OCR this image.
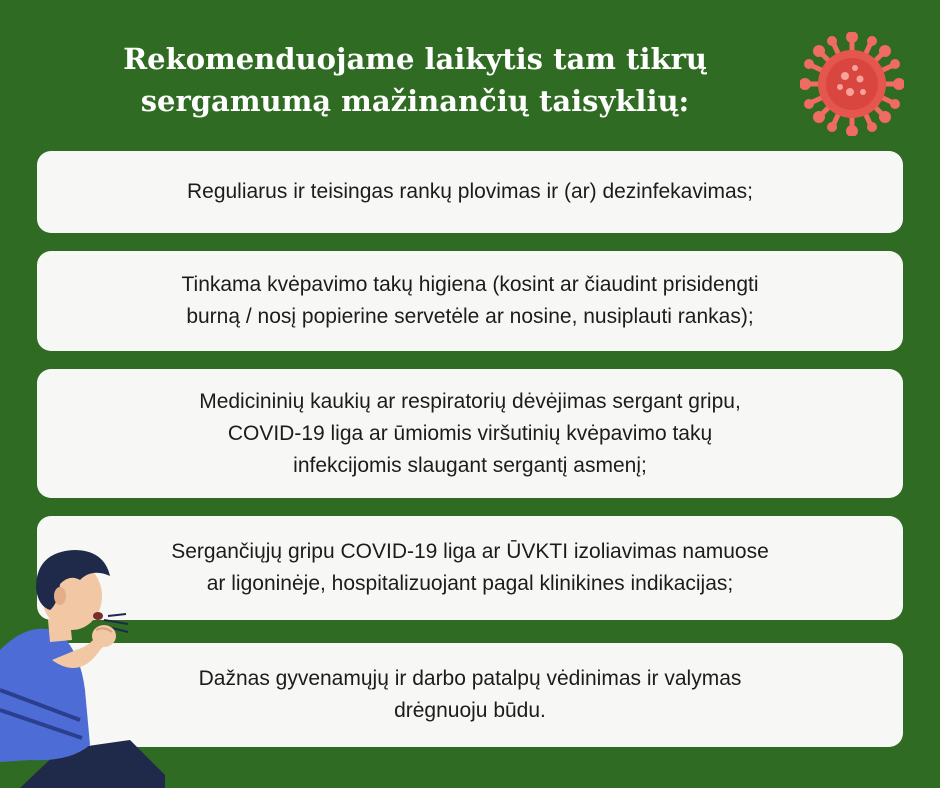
Rekomenduojame laikytis tam tikrų
sergamumą mažinančių taisyklių:
Reguliarus ir teisingas rankų plovimas ir (ar) dezinfekavimas;
Tinkama kvėpavimo takų higiena (kosint ar čiaudint prisidengti
burną / nosį popierine servetėle ar nosine, nusiplauti rankas);
Medicininių kaukių ar respiratorių dėvėjimas sergant gripu,
COVID-19 liga ar ūmiomis viršutinių kvėpavimo takų
infekcijomis slaugant sergantį asmenį;
Sergančiųjų gripu COVID-19 liga ar ŪVKTI izoliavimas namuose
ar ligoninėje, hospitalizuojant pagal klinikines indikacijas;
Dažnas gyvenamųjų ir darbo patalpų vėdinimas ir valymas
drėgnuoju būdu.
